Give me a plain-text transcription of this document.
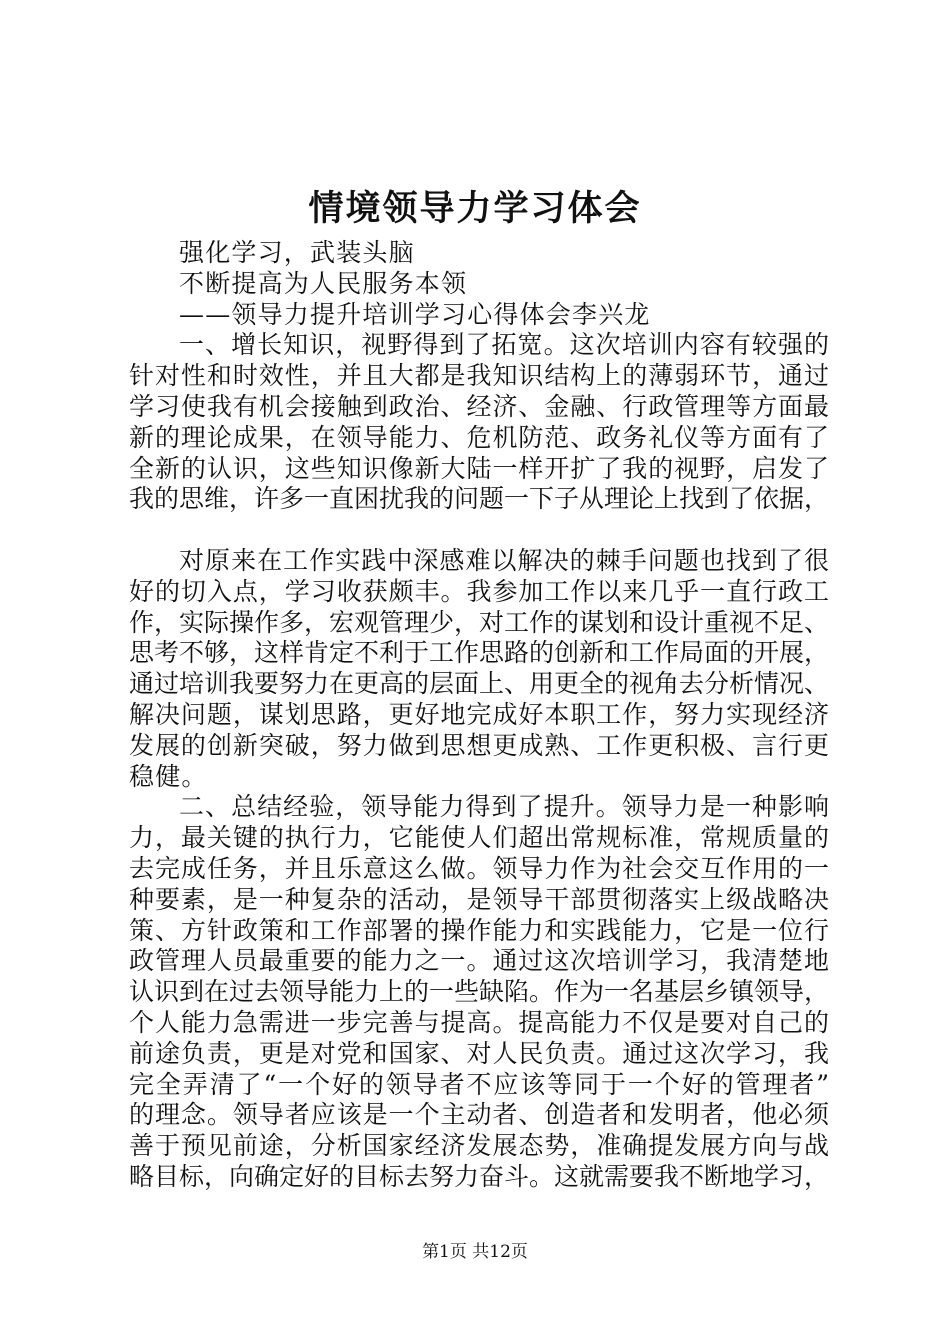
情境领导力学习体会
强化学习，武装头脑
不断提高为人民服务本领
——领导力提升培训学习心得体会李兴龙
一、增长知识，视野得到了拓宽。这次培训内容有较强的
针对性和时效性，并且大都是我知识结构上的薄弱环节，通过
学习使我有机会接触到政治、经济、金融、行政管理等方面最
新的理论成果，在领导能力、危机防范、政务礼仪等方面有了
全新的认识，这些知识像新大陆一样开扩了我的视野，启发了
我的思维，许多一直困扰我的问题一下子从理论上找到了依据，
对原来在工作实践中深感难以解决的棘手问题也找到了很
好的切入点，学习收获颇丰。我参加工作以来几乎一直行政工
作，实际操作多，宏观管理少，对工作的谋划和设计重视不足、
思考不够，这样肯定不利于工作思路的创新和工作局面的开展，
通过培训我要努力在更高的层面上、用更全的视角去分析情况、
解决问题，谋划思路，更好地完成好本职工作，努力实现经济
发展的创新突破，努力做到思想更成熟、工作更积极、言行更
稳健。
二、总结经验，领导能力得到了提升。领导力是一种影响
力，最关键的执行力，它能使人们超出常规标准，常规质量的
去完成任务，并且乐意这么做。领导力作为社会交互作用的一
种要素，是一种复杂的活动，是领导干部贯彻落实上级战略决
策、方针政策和工作部署的操作能力和实践能力，它是一位行
政管理人员最重要的能力之一。通过这次培训学习，我清楚地
认识到在过去领导能力上的一些缺陷。作为一名基层乡镇领导，
个人能力急需进一步完善与提高。提高能力不仅是要对自己的
前途负责，更是对党和国家、对人民负责。通过这次学习，我
完全弄清了“一个好的领导者不应该等同于一个好的管理者”
的理念。领导者应该是一个主动者、创造者和发明者，他必须
善于预见前途，分析国家经济发展态势，准确提发展方向与战
略目标，向确定好的目标去努力奋斗。这就需要我不断地学习，
第1页 共12页
